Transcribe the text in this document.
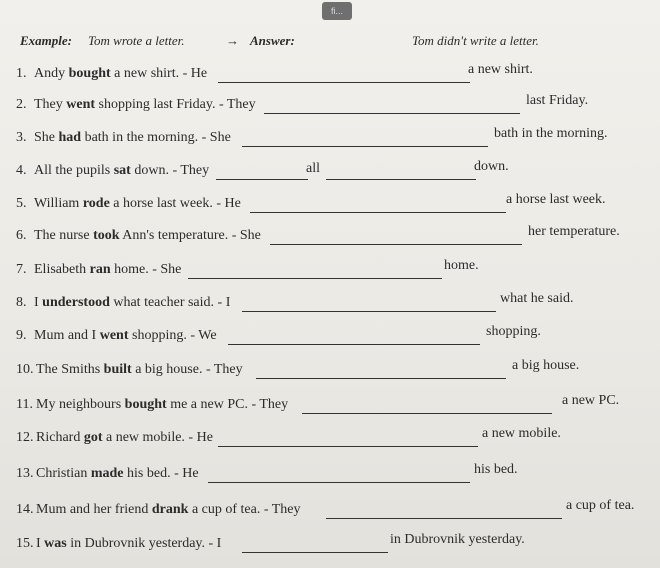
fi...
Example: Tom wrote a letter.	→ Answer:	Tom didn't write a letter.
1. Andy bought a new shirt. - He	a new shirt.
2. They went shopping last Friday. - They	last Friday.
3. She had bath in the morning. - She	bath in the morning.
4. All the pupils sat down. - They	all	down.
5. William rode a horse last week. - He	a horse last week.
6. The nurse took Ann's temperature. - She	her temperature.
7. Elisabeth ran home. - She	home.
8. I understood what teacher said. - I	what he said.
9. Mum and I went shopping. - We	shopping.
10. The Smiths built a big house. - They	a big house.
11. My neighbours bought me a new PC. - They	a new PC.
12. Richard got a new mobile. - He	a new mobile.
13. Christian made his bed. - He	his bed.
14. Mum and her friend drank a cup of tea. - They	a cup of tea.
15. I was in Dubrovnik yesterday. - I	in Dubrovnik yesterday.
